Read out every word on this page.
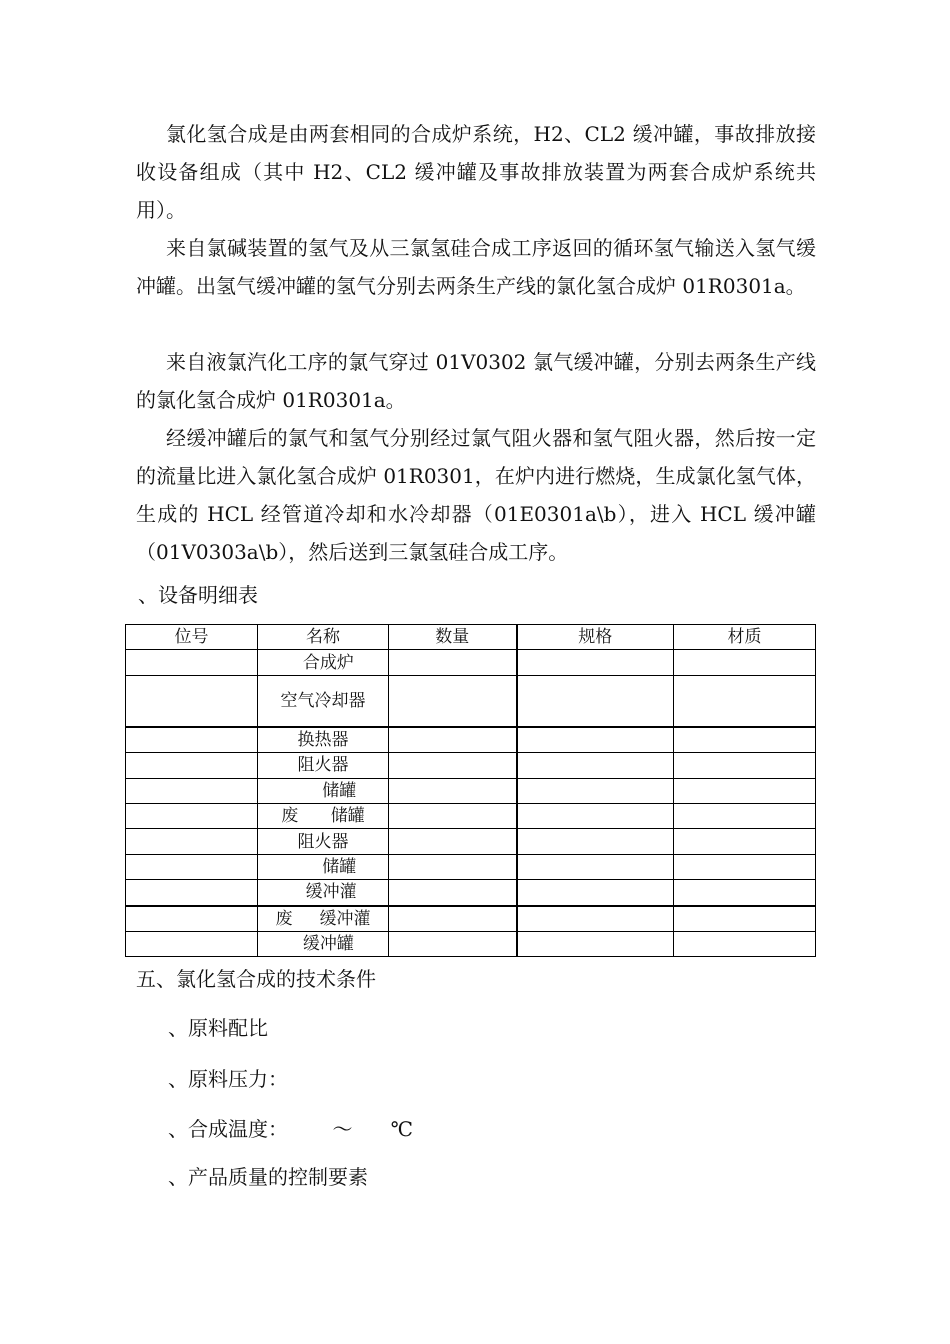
氯化氢合成是由两套相同的合成炉系统，H2、CL2 缓冲罐，事故排放接收设备组成（其中 H2、CL2 缓冲罐及事故排放装置为两套合成炉系统共用）。

来自氯碱装置的氢气及从三氯氢硅合成工序返回的循环氢气输送入氢气缓冲罐。出氢气缓冲罐的氢气分别去两条生产线的氯化氢合成炉 01R0301a。

来自液氯汽化工序的氯气穿过 01V0302 氯气缓冲罐，分别去两条生产线的氯化氢合成炉 01R0301a。

经缓冲罐后的氯气和氢气分别经过氯气阻火器和氢气阻火器，然后按一定的流量比进入氯化氢合成炉 01R0301，在炉内进行燃烧，生成氯化氢气体，生成的 HCL 经管道冷却和水冷却器（01E0301a\b），进入 HCL 缓冲罐（01V0303a\b），然后送到三氯氢硅合成工序。

、设备明细表

位号	名称	数量	规格	材质
	合成炉			
	空气冷却器			
	换热器			
	阻火器			
	储罐			
	废      储罐			
	阻火器			
	储罐			
	缓冲灌			
	废     缓冲灌			
	缓冲罐			

五、氯化氢合成的技术条件

、原料配比

、原料压力：

、合成温度：       ～      ℃

、产品质量的控制要素
